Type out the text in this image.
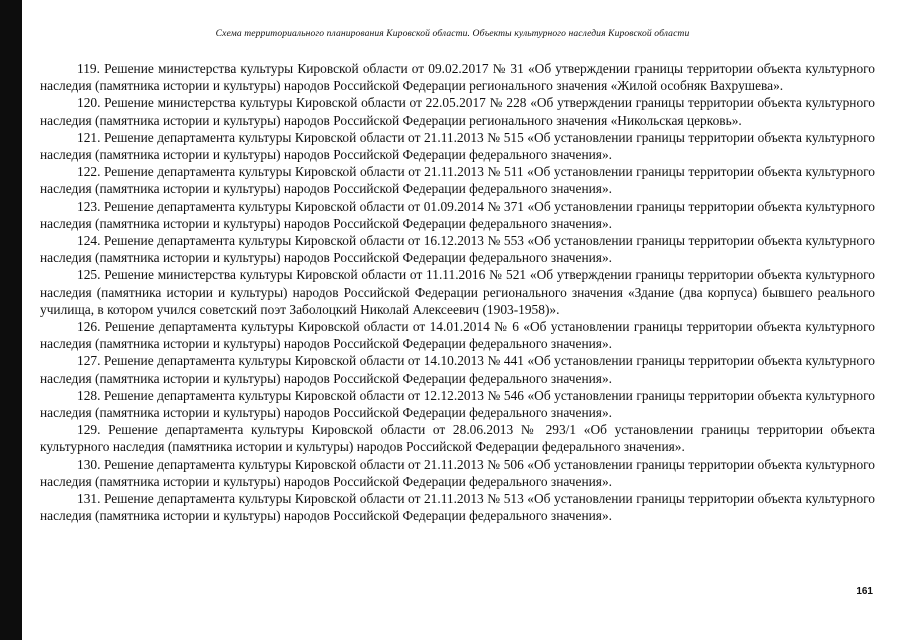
Схема территориального планирования Кировской области. Объекты культурного наследия Кировской области

119. Решение министерства культуры Кировской области от 09.02.2017 № 31 «Об утверждении границы территории объекта культурного наследия (памятника истории и культуры) народов Российской Федерации регионального значения «Жилой особняк Вахрушева».

120. Решение министерства культуры Кировской области от 22.05.2017 № 228 «Об утверждении границы территории объекта культурного наследия (памятника истории и культуры) народов Российской Федерации регионального значения «Никольская церковь».

121. Решение департамента культуры Кировской области от 21.11.2013 № 515 «Об установлении границы территории объекта культурного наследия (памятника истории и культуры) народов Российской Федерации федерального значения».

122. Решение департамента культуры Кировской области от 21.11.2013 № 511 «Об установлении границы территории объекта культурного наследия (памятника истории и культуры) народов Российской Федерации федерального значения».

123. Решение департамента культуры Кировской области от 01.09.2014 № 371 «Об установлении границы территории объекта культурного наследия (памятника истории и культуры) народов Российской Федерации федерального значения».

124. Решение департамента культуры Кировской области от 16.12.2013 № 553 «Об установлении границы территории объекта культурного наследия (памятника истории и культуры) народов Российской Федерации федерального значения».

125. Решение министерства культуры Кировской области от 11.11.2016 № 521 «Об утверждении границы территории объекта культурного наследия (памятника истории и культуры) народов Российской Федерации регионального значения «Здание (два корпуса) бывшего реального училища, в котором учился советский поэт Заболоцкий Николай Алексеевич (1903-1958)».

126. Решение департамента культуры Кировской области от 14.01.2014 № 6 «Об установлении границы территории объекта культурного наследия (памятника истории и культуры) народов Российской Федерации федерального значения».

127. Решение департамента культуры Кировской области от 14.10.2013 № 441 «Об установлении границы территории объекта культурного наследия (памятника истории и культуры) народов Российской Федерации федерального значения».

128. Решение департамента культуры Кировской области от 12.12.2013 № 546 «Об установлении границы территории объекта культурного наследия (памятника истории и культуры) народов Российской Федерации федерального значения».

129. Решение департамента культуры Кировской области от 28.06.2013 № 293/1 «Об установлении границы территории объекта культурного наследия (памятника истории и культуры) народов Российской Федерации федерального значения».

130. Решение департамента культуры Кировской области от 21.11.2013 № 506 «Об установлении границы территории объекта культурного наследия (памятника истории и культуры) народов Российской Федерации федерального значения».

131. Решение департамента культуры Кировской области от 21.11.2013 № 513 «Об установлении границы территории объекта культурного наследия (памятника истории и культуры) народов Российской Федерации федерального значения».

161
